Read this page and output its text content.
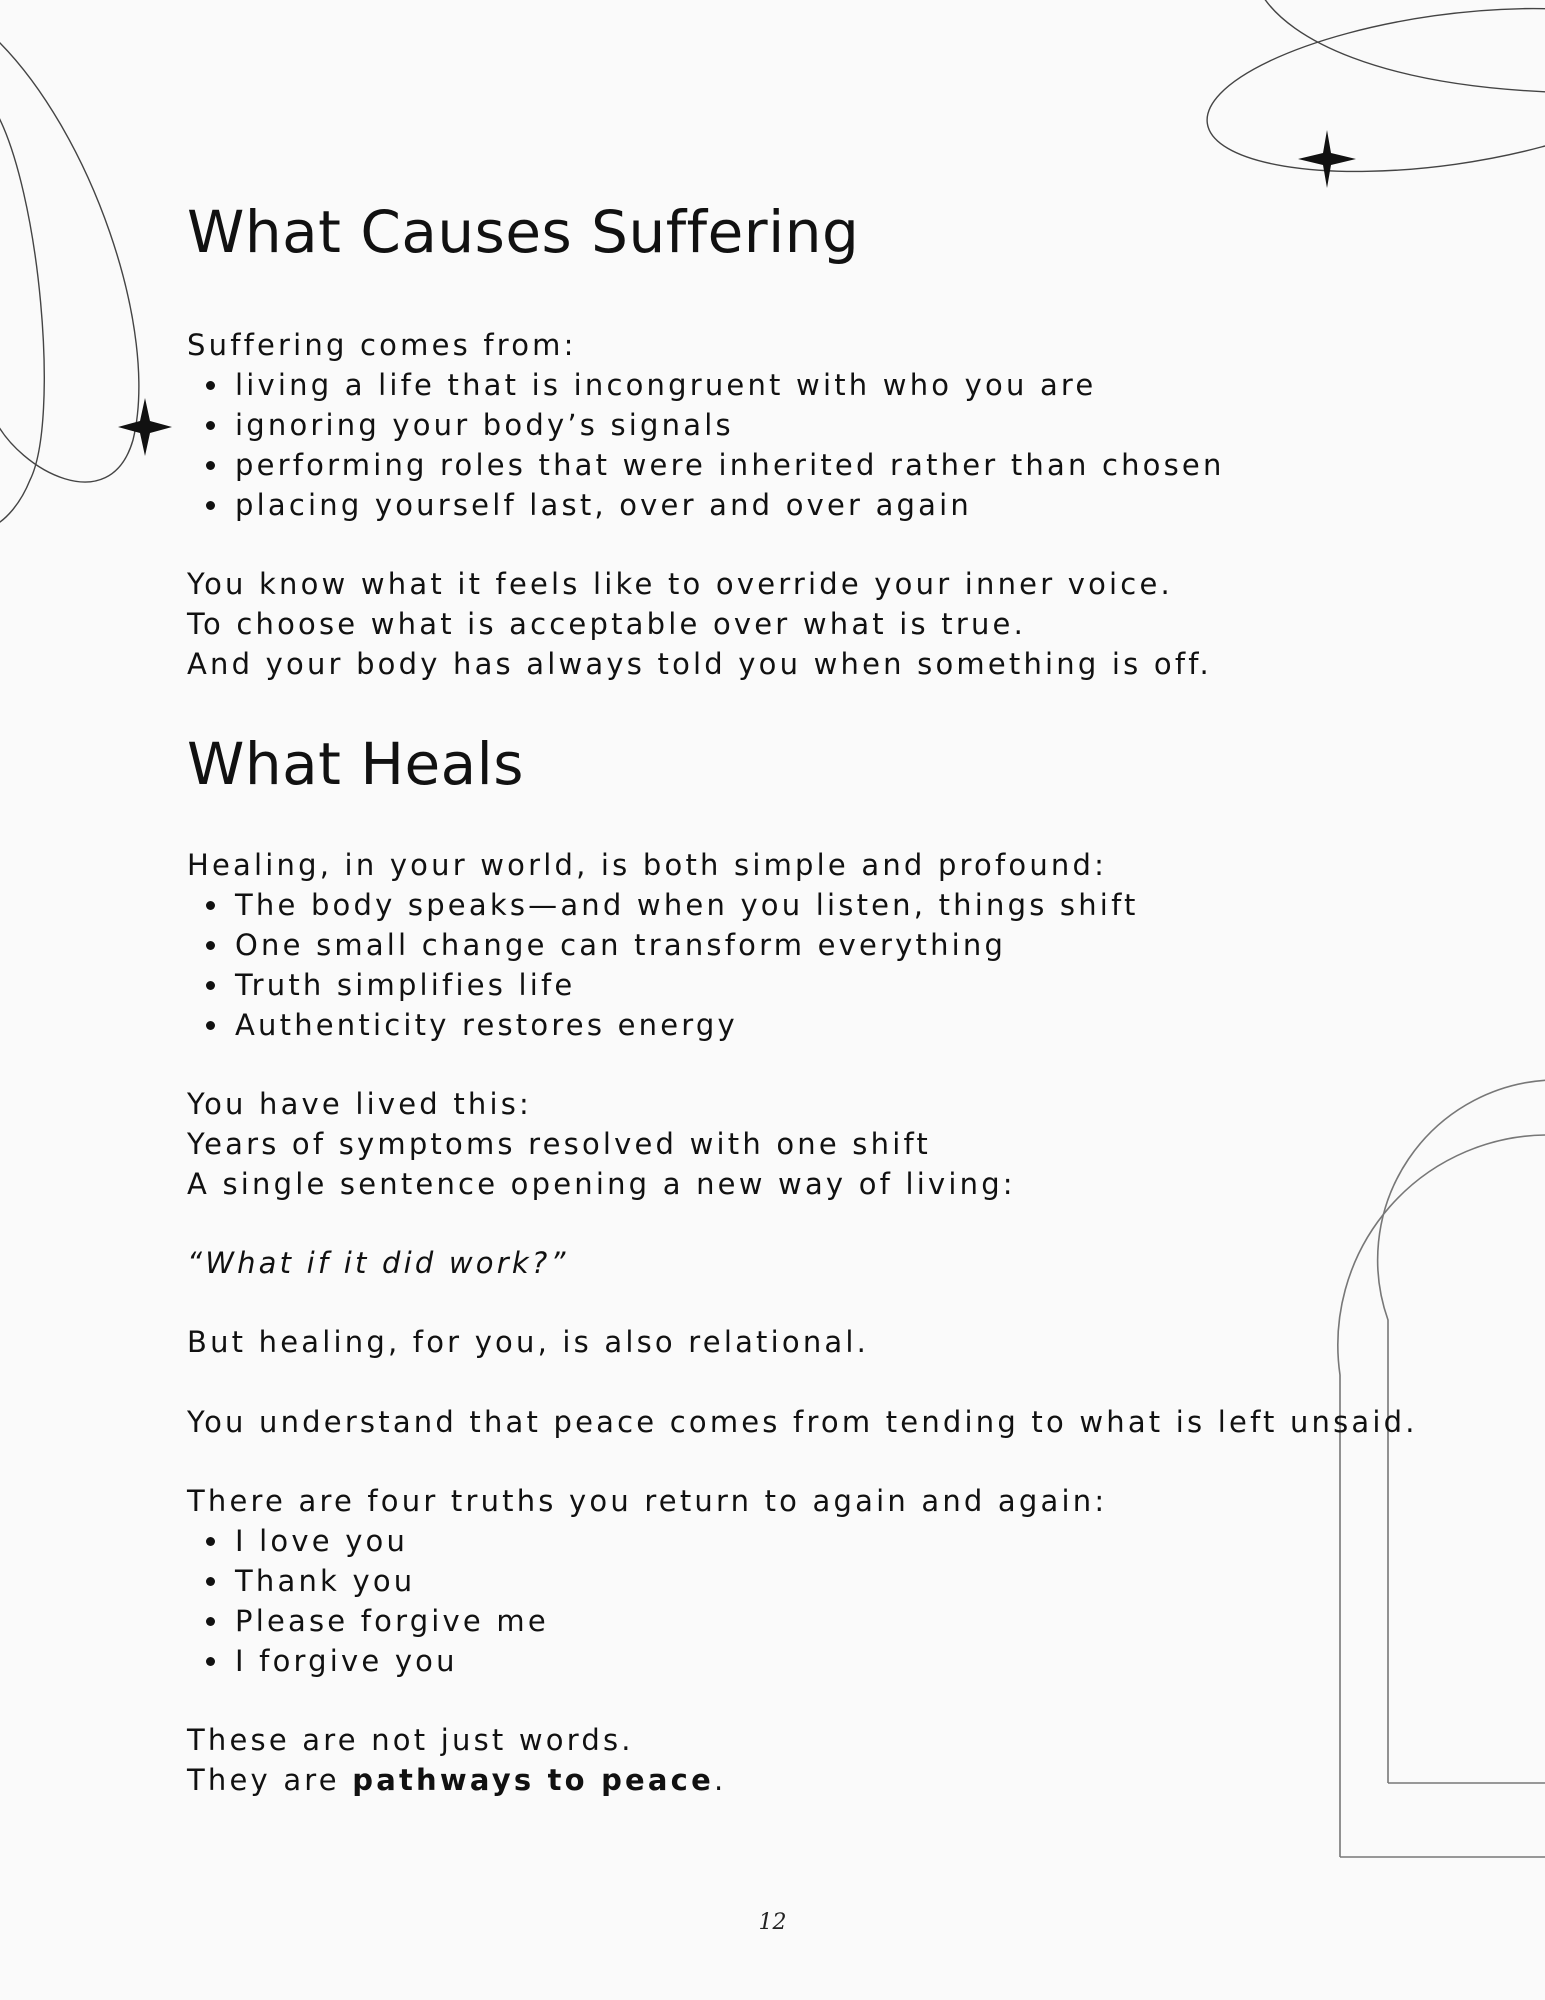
What Causes Suffering

Suffering comes from:

living a life that is incongruent with who you are

ignoring your body’s signals

performing roles that were inherited rather than chosen

placing yourself last, over and over again

You know what it feels like to override your inner voice.

To choose what is acceptable over what is true.

And your body has always told you when something is off.

What Heals

Healing, in your world, is both simple and profound:

The body speaks—and when you listen, things shift

One small change can transform everything

Truth simplifies life

Authenticity restores energy

You have lived this:

Years of symptoms resolved with one shift

A single sentence opening a new way of living:

“What if it did work?”

But healing, for you, is also relational.

You understand that peace comes from tending to what is left unsaid.

There are four truths you return to again and again:

I love you

Thank you

Please forgive me

I forgive you

These are not just words.

They are pathways to peace.

12
